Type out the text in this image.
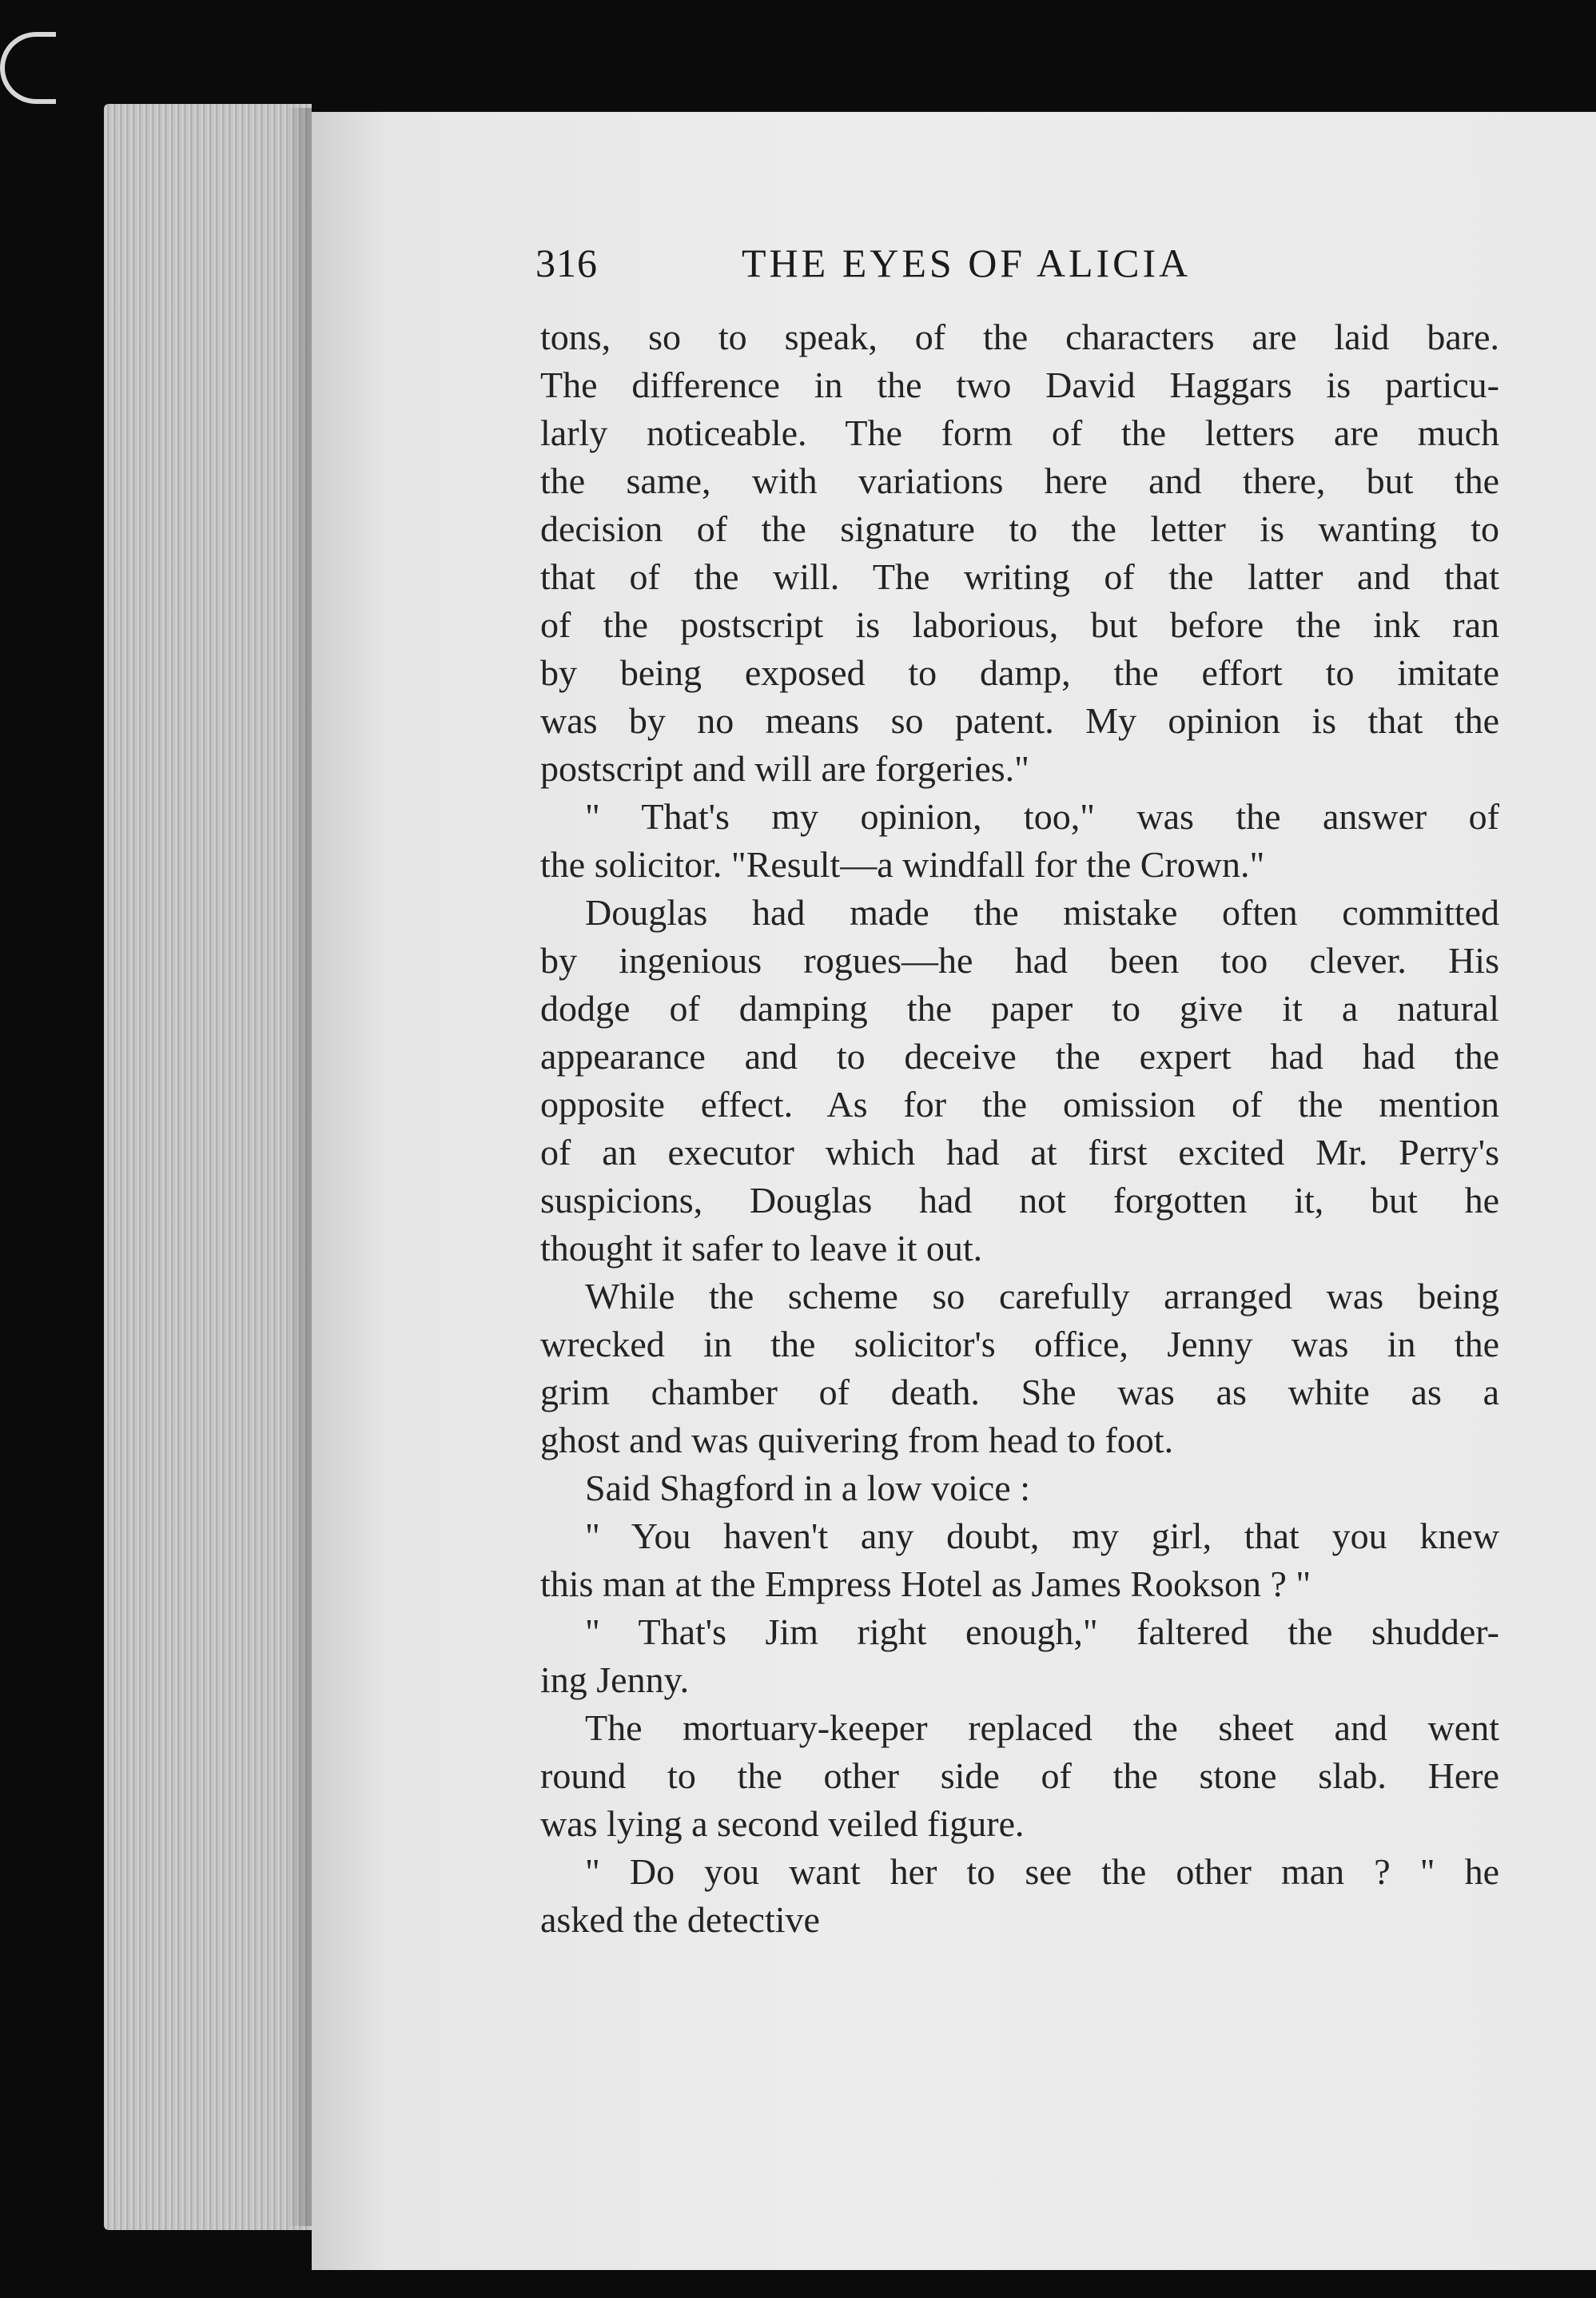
316	THE EYES OF ALICIA
tons, so to speak, of the characters are laid bare.
The difference in the two David Haggars is particu-
larly noticeable. The form of the letters are much
the same, with variations here and there, but the
decision of the signature to the letter is wanting to
that of the will. The writing of the latter and that
of the postscript is laborious, but before the ink ran
by being exposed to damp, the effort to imitate
was by no means so patent. My opinion is that the
postscript and will are forgeries."
" That's my opinion, too," was the answer of
the solicitor. "Result—a windfall for the Crown."
Douglas had made the mistake often committed
by ingenious rogues—he had been too clever. His
dodge of damping the paper to give it a natural
appearance and to deceive the expert had had the
opposite effect. As for the omission of the mention
of an executor which had at first excited Mr. Perry's
suspicions, Douglas had not forgotten it, but he
thought it safer to leave it out.
While the scheme so carefully arranged was being
wrecked in the solicitor's office, Jenny was in the
grim chamber of death. She was as white as a
ghost and was quivering from head to foot.
Said Shagford in a low voice :
" You haven't any doubt, my girl, that you knew
this man at the Empress Hotel as James Rookson ? "
" That's Jim right enough," faltered the shudder-
ing Jenny.
The mortuary-keeper replaced the sheet and went
round to the other side of the stone slab. Here
was lying a second veiled figure.
" Do you want her to see the other man ? " he
asked the detective
